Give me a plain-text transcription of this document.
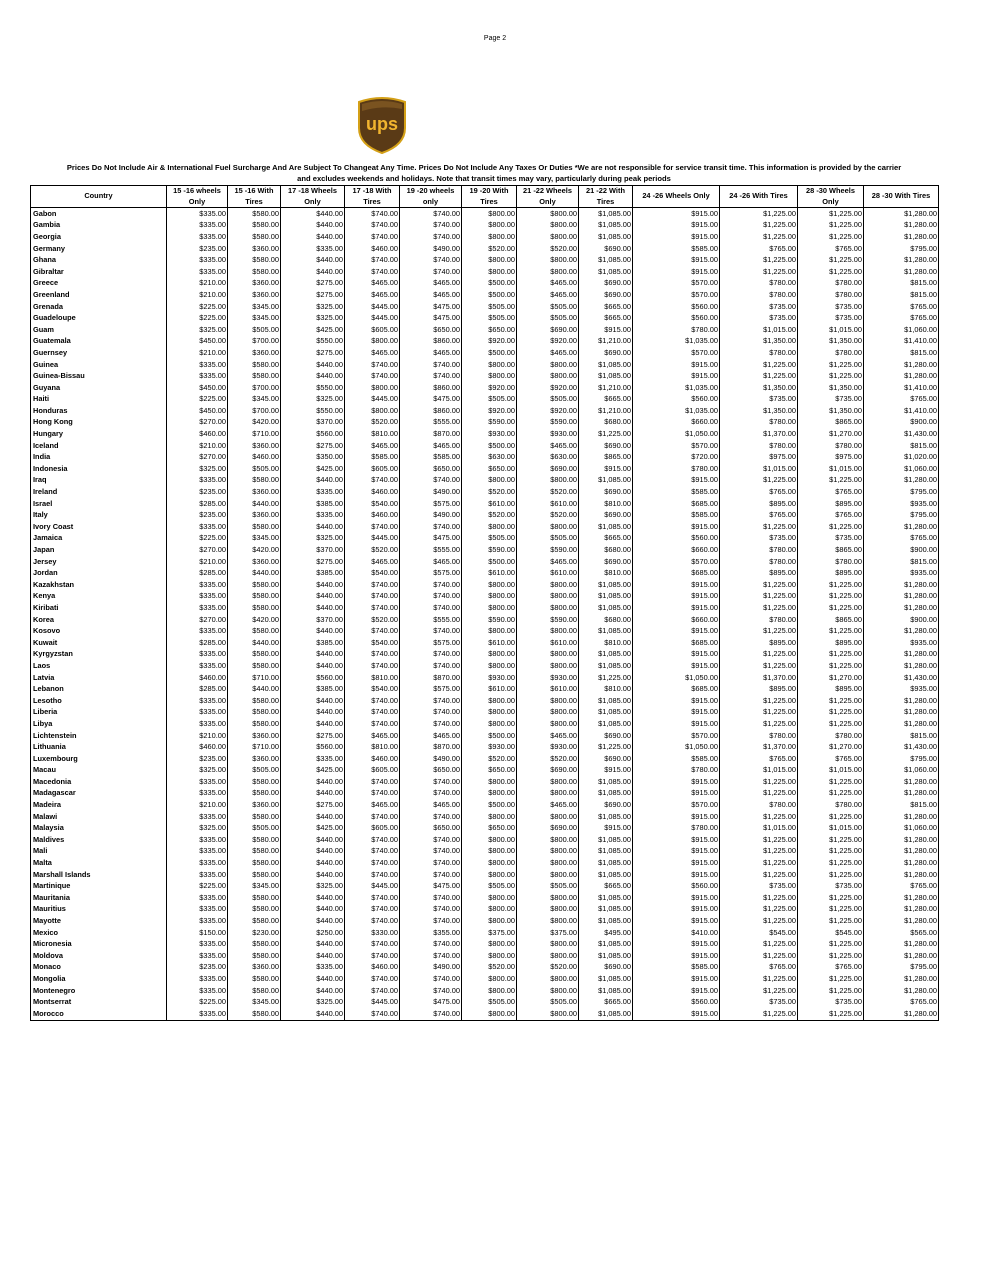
Page 2
ups
Prices Do Not Include Air & International Fuel Surcharge And Are Subject To Changeat Any Time. Prices Do Not Include Any Taxes Or Duties *We are not responsible for service transit time. This information is provided by the carrier
and excludes weekends and holidays. Note that transit times may vary, particularly during peak periods
Country	15 -16 wheels Only	15 -16 With Tires	17 -18 Wheels Only	17 -18 With Tires	19 -20 wheels only	19 -20 With Tires	21 -22 Wheels Only	21 -22 With Tires	24 -26 Wheels Only	24 -26 With Tires	28 -30 Wheels Only	28 -30 With Tires
Gabon	$335.00	$580.00	$440.00	$740.00	$740.00	$800.00	$800.00	$1,085.00	$915.00	$1,225.00	$1,225.00	$1,280.00
Gambia	$335.00	$580.00	$440.00	$740.00	$740.00	$800.00	$800.00	$1,085.00	$915.00	$1,225.00	$1,225.00	$1,280.00
Georgia	$335.00	$580.00	$440.00	$740.00	$740.00	$800.00	$800.00	$1,085.00	$915.00	$1,225.00	$1,225.00	$1,280.00
Germany	$235.00	$360.00	$335.00	$460.00	$490.00	$520.00	$520.00	$690.00	$585.00	$765.00	$765.00	$795.00
Ghana	$335.00	$580.00	$440.00	$740.00	$740.00	$800.00	$800.00	$1,085.00	$915.00	$1,225.00	$1,225.00	$1,280.00
Gibraltar	$335.00	$580.00	$440.00	$740.00	$740.00	$800.00	$800.00	$1,085.00	$915.00	$1,225.00	$1,225.00	$1,280.00
Greece	$210.00	$360.00	$275.00	$465.00	$465.00	$500.00	$465.00	$690.00	$570.00	$780.00	$780.00	$815.00
Greenland	$210.00	$360.00	$275.00	$465.00	$465.00	$500.00	$465.00	$690.00	$570.00	$780.00	$780.00	$815.00
Grenada	$225.00	$345.00	$325.00	$445.00	$475.00	$505.00	$505.00	$665.00	$560.00	$735.00	$735.00	$765.00
Guadeloupe	$225.00	$345.00	$325.00	$445.00	$475.00	$505.00	$505.00	$665.00	$560.00	$735.00	$735.00	$765.00
Guam	$325.00	$505.00	$425.00	$605.00	$650.00	$650.00	$690.00	$915.00	$780.00	$1,015.00	$1,015.00	$1,060.00
Guatemala	$450.00	$700.00	$550.00	$800.00	$860.00	$920.00	$920.00	$1,210.00	$1,035.00	$1,350.00	$1,350.00	$1,410.00
Guernsey	$210.00	$360.00	$275.00	$465.00	$465.00	$500.00	$465.00	$690.00	$570.00	$780.00	$780.00	$815.00
Guinea	$335.00	$580.00	$440.00	$740.00	$740.00	$800.00	$800.00	$1,085.00	$915.00	$1,225.00	$1,225.00	$1,280.00
Guinea-Bissau	$335.00	$580.00	$440.00	$740.00	$740.00	$800.00	$800.00	$1,085.00	$915.00	$1,225.00	$1,225.00	$1,280.00
Guyana	$450.00	$700.00	$550.00	$800.00	$860.00	$920.00	$920.00	$1,210.00	$1,035.00	$1,350.00	$1,350.00	$1,410.00
Haiti	$225.00	$345.00	$325.00	$445.00	$475.00	$505.00	$505.00	$665.00	$560.00	$735.00	$735.00	$765.00
Honduras	$450.00	$700.00	$550.00	$800.00	$860.00	$920.00	$920.00	$1,210.00	$1,035.00	$1,350.00	$1,350.00	$1,410.00
Hong Kong	$270.00	$420.00	$370.00	$520.00	$555.00	$590.00	$590.00	$680.00	$660.00	$780.00	$865.00	$900.00
Hungary	$460.00	$710.00	$560.00	$810.00	$870.00	$930.00	$930.00	$1,225.00	$1,050.00	$1,370.00	$1,270.00	$1,430.00
Iceland	$210.00	$360.00	$275.00	$465.00	$465.00	$500.00	$465.00	$690.00	$570.00	$780.00	$780.00	$815.00
India	$270.00	$460.00	$350.00	$585.00	$585.00	$630.00	$630.00	$865.00	$720.00	$975.00	$975.00	$1,020.00
Indonesia	$325.00	$505.00	$425.00	$605.00	$650.00	$650.00	$690.00	$915.00	$780.00	$1,015.00	$1,015.00	$1,060.00
Iraq	$335.00	$580.00	$440.00	$740.00	$740.00	$800.00	$800.00	$1,085.00	$915.00	$1,225.00	$1,225.00	$1,280.00
Ireland	$235.00	$360.00	$335.00	$460.00	$490.00	$520.00	$520.00	$690.00	$585.00	$765.00	$765.00	$795.00
Israel	$285.00	$440.00	$385.00	$540.00	$575.00	$610.00	$610.00	$810.00	$685.00	$895.00	$895.00	$935.00
Italy	$235.00	$360.00	$335.00	$460.00	$490.00	$520.00	$520.00	$690.00	$585.00	$765.00	$765.00	$795.00
Ivory Coast	$335.00	$580.00	$440.00	$740.00	$740.00	$800.00	$800.00	$1,085.00	$915.00	$1,225.00	$1,225.00	$1,280.00
Jamaica	$225.00	$345.00	$325.00	$445.00	$475.00	$505.00	$505.00	$665.00	$560.00	$735.00	$735.00	$765.00
Japan	$270.00	$420.00	$370.00	$520.00	$555.00	$590.00	$590.00	$680.00	$660.00	$780.00	$865.00	$900.00
Jersey	$210.00	$360.00	$275.00	$465.00	$465.00	$500.00	$465.00	$690.00	$570.00	$780.00	$780.00	$815.00
Jordan	$285.00	$440.00	$385.00	$540.00	$575.00	$610.00	$610.00	$810.00	$685.00	$895.00	$895.00	$935.00
Kazakhstan	$335.00	$580.00	$440.00	$740.00	$740.00	$800.00	$800.00	$1,085.00	$915.00	$1,225.00	$1,225.00	$1,280.00
Kenya	$335.00	$580.00	$440.00	$740.00	$740.00	$800.00	$800.00	$1,085.00	$915.00	$1,225.00	$1,225.00	$1,280.00
Kiribati	$335.00	$580.00	$440.00	$740.00	$740.00	$800.00	$800.00	$1,085.00	$915.00	$1,225.00	$1,225.00	$1,280.00
Korea	$270.00	$420.00	$370.00	$520.00	$555.00	$590.00	$590.00	$680.00	$660.00	$780.00	$865.00	$900.00
Kosovo	$335.00	$580.00	$440.00	$740.00	$740.00	$800.00	$800.00	$1,085.00	$915.00	$1,225.00	$1,225.00	$1,280.00
Kuwait	$285.00	$440.00	$385.00	$540.00	$575.00	$610.00	$610.00	$810.00	$685.00	$895.00	$895.00	$935.00
Kyrgyzstan	$335.00	$580.00	$440.00	$740.00	$740.00	$800.00	$800.00	$1,085.00	$915.00	$1,225.00	$1,225.00	$1,280.00
Laos	$335.00	$580.00	$440.00	$740.00	$740.00	$800.00	$800.00	$1,085.00	$915.00	$1,225.00	$1,225.00	$1,280.00
Latvia	$460.00	$710.00	$560.00	$810.00	$870.00	$930.00	$930.00	$1,225.00	$1,050.00	$1,370.00	$1,270.00	$1,430.00
Lebanon	$285.00	$440.00	$385.00	$540.00	$575.00	$610.00	$610.00	$810.00	$685.00	$895.00	$895.00	$935.00
Lesotho	$335.00	$580.00	$440.00	$740.00	$740.00	$800.00	$800.00	$1,085.00	$915.00	$1,225.00	$1,225.00	$1,280.00
Liberia	$335.00	$580.00	$440.00	$740.00	$740.00	$800.00	$800.00	$1,085.00	$915.00	$1,225.00	$1,225.00	$1,280.00
Libya	$335.00	$580.00	$440.00	$740.00	$740.00	$800.00	$800.00	$1,085.00	$915.00	$1,225.00	$1,225.00	$1,280.00
Lichtenstein	$210.00	$360.00	$275.00	$465.00	$465.00	$500.00	$465.00	$690.00	$570.00	$780.00	$780.00	$815.00
Lithuania	$460.00	$710.00	$560.00	$810.00	$870.00	$930.00	$930.00	$1,225.00	$1,050.00	$1,370.00	$1,270.00	$1,430.00
Luxembourg	$235.00	$360.00	$335.00	$460.00	$490.00	$520.00	$520.00	$690.00	$585.00	$765.00	$765.00	$795.00
Macau	$325.00	$505.00	$425.00	$605.00	$650.00	$650.00	$690.00	$915.00	$780.00	$1,015.00	$1,015.00	$1,060.00
Macedonia	$335.00	$580.00	$440.00	$740.00	$740.00	$800.00	$800.00	$1,085.00	$915.00	$1,225.00	$1,225.00	$1,280.00
Madagascar	$335.00	$580.00	$440.00	$740.00	$740.00	$800.00	$800.00	$1,085.00	$915.00	$1,225.00	$1,225.00	$1,280.00
Madeira	$210.00	$360.00	$275.00	$465.00	$465.00	$500.00	$465.00	$690.00	$570.00	$780.00	$780.00	$815.00
Malawi	$335.00	$580.00	$440.00	$740.00	$740.00	$800.00	$800.00	$1,085.00	$915.00	$1,225.00	$1,225.00	$1,280.00
Malaysia	$325.00	$505.00	$425.00	$605.00	$650.00	$650.00	$690.00	$915.00	$780.00	$1,015.00	$1,015.00	$1,060.00
Maldives	$335.00	$580.00	$440.00	$740.00	$740.00	$800.00	$800.00	$1,085.00	$915.00	$1,225.00	$1,225.00	$1,280.00
Mali	$335.00	$580.00	$440.00	$740.00	$740.00	$800.00	$800.00	$1,085.00	$915.00	$1,225.00	$1,225.00	$1,280.00
Malta	$335.00	$580.00	$440.00	$740.00	$740.00	$800.00	$800.00	$1,085.00	$915.00	$1,225.00	$1,225.00	$1,280.00
Marshall Islands	$335.00	$580.00	$440.00	$740.00	$740.00	$800.00	$800.00	$1,085.00	$915.00	$1,225.00	$1,225.00	$1,280.00
Martinique	$225.00	$345.00	$325.00	$445.00	$475.00	$505.00	$505.00	$665.00	$560.00	$735.00	$735.00	$765.00
Mauritania	$335.00	$580.00	$440.00	$740.00	$740.00	$800.00	$800.00	$1,085.00	$915.00	$1,225.00	$1,225.00	$1,280.00
Mauritius	$335.00	$580.00	$440.00	$740.00	$740.00	$800.00	$800.00	$1,085.00	$915.00	$1,225.00	$1,225.00	$1,280.00
Mayotte	$335.00	$580.00	$440.00	$740.00	$740.00	$800.00	$800.00	$1,085.00	$915.00	$1,225.00	$1,225.00	$1,280.00
Mexico	$150.00	$230.00	$250.00	$330.00	$355.00	$375.00	$375.00	$495.00	$410.00	$545.00	$545.00	$565.00
Micronesia	$335.00	$580.00	$440.00	$740.00	$740.00	$800.00	$800.00	$1,085.00	$915.00	$1,225.00	$1,225.00	$1,280.00
Moldova	$335.00	$580.00	$440.00	$740.00	$740.00	$800.00	$800.00	$1,085.00	$915.00	$1,225.00	$1,225.00	$1,280.00
Monaco	$235.00	$360.00	$335.00	$460.00	$490.00	$520.00	$520.00	$690.00	$585.00	$765.00	$765.00	$795.00
Mongolia	$335.00	$580.00	$440.00	$740.00	$740.00	$800.00	$800.00	$1,085.00	$915.00	$1,225.00	$1,225.00	$1,280.00
Montenegro	$335.00	$580.00	$440.00	$740.00	$740.00	$800.00	$800.00	$1,085.00	$915.00	$1,225.00	$1,225.00	$1,280.00
Montserrat	$225.00	$345.00	$325.00	$445.00	$475.00	$505.00	$505.00	$665.00	$560.00	$735.00	$735.00	$765.00
Morocco	$335.00	$580.00	$440.00	$740.00	$740.00	$800.00	$800.00	$1,085.00	$915.00	$1,225.00	$1,225.00	$1,280.00
